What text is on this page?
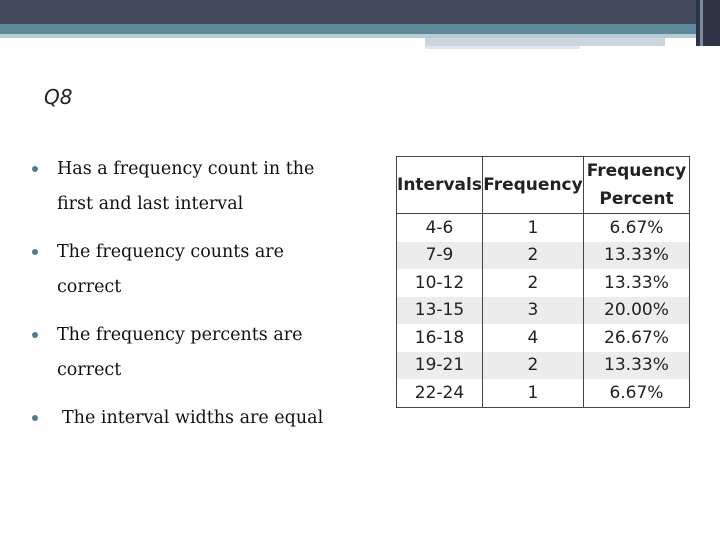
Q8
Has a frequency count in the
first and last interval
The frequency counts are
correct
The frequency percents are
correct
The interval widths are equal
Intervals	Frequency	Frequency
Percent

4-6	1	6.67%
7-9	2	13.33%
10-12	2	13.33%
13-15	3	20.00%
16-18	4	26.67%
19-21	2	13.33%
22-24	1	6.67%
